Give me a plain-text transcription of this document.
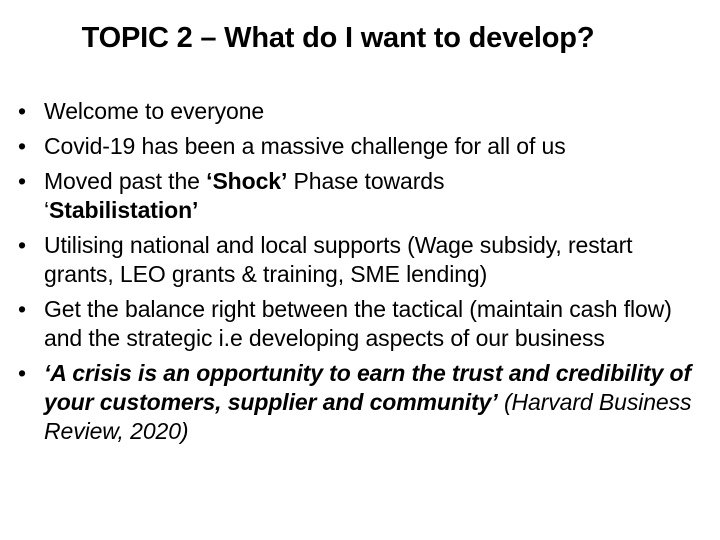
TOPIC 2 – What do I want to develop?
• Welcome to everyone
• Covid-19 has been a massive challenge for all of us
• Moved past the ‘Shock’ Phase towards
‘Stabilistation’
• Utilising national and local supports (Wage subsidy, restart grants, LEO grants & training, SME lending)
• Get the balance right between the tactical (maintain cash flow) and the strategic i.e developing aspects of our business
• ‘A crisis is an opportunity to earn the trust and credibility of your customers, supplier and community’ (Harvard Business Review, 2020)
